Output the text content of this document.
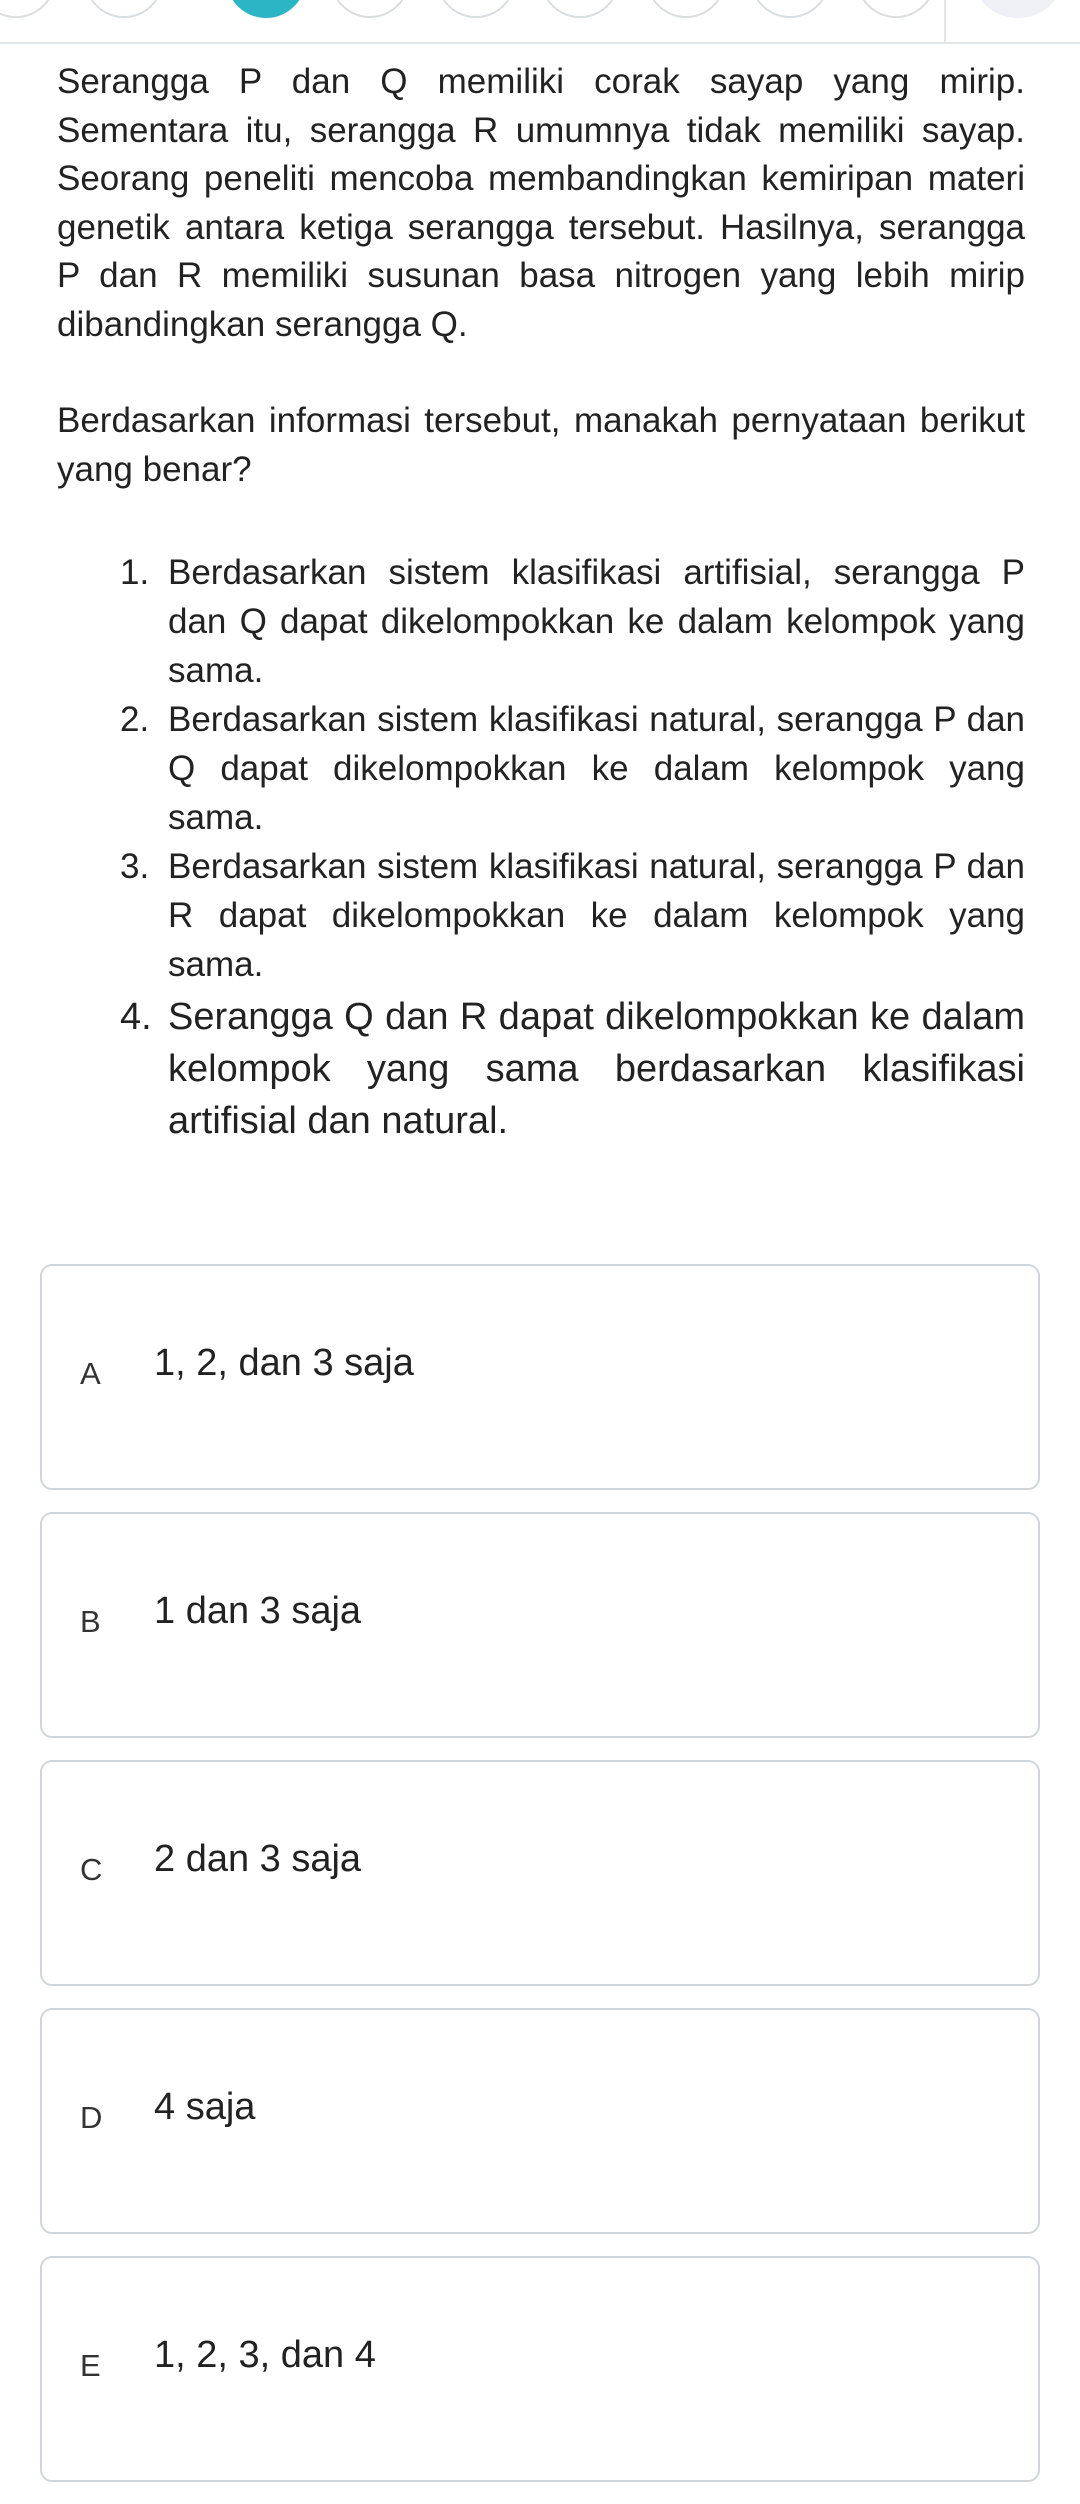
Serangga P dan Q memiliki corak sayap yang mirip. Sementara itu, serangga R umumnya tidak memiliki sayap. Seorang peneliti mencoba membandingkan kemiripan materi genetik antara ketiga serangga tersebut. Hasilnya, serangga P dan R memiliki susunan basa nitrogen yang lebih mirip dibandingkan serangga Q.

Berdasarkan informasi tersebut, manakah pernyataan berikut yang benar?

1. Berdasarkan sistem klasifikasi artifisial, serangga P dan Q dapat dikelompokkan ke dalam kelompok yang sama.
2. Berdasarkan sistem klasifikasi natural, serangga P dan Q dapat dikelompokkan ke dalam kelompok yang sama.
3. Berdasarkan sistem klasifikasi natural, serangga P dan R dapat dikelompokkan ke dalam kelompok yang sama.
4. Serangga Q dan R dapat dikelompokkan ke dalam kelompok yang sama berdasarkan klasifikasi artifisial dan natural.
A 1, 2, dan 3 saja
B 1 dan 3 saja
C 2 dan 3 saja
D 4 saja
E 1, 2, 3, dan 4
